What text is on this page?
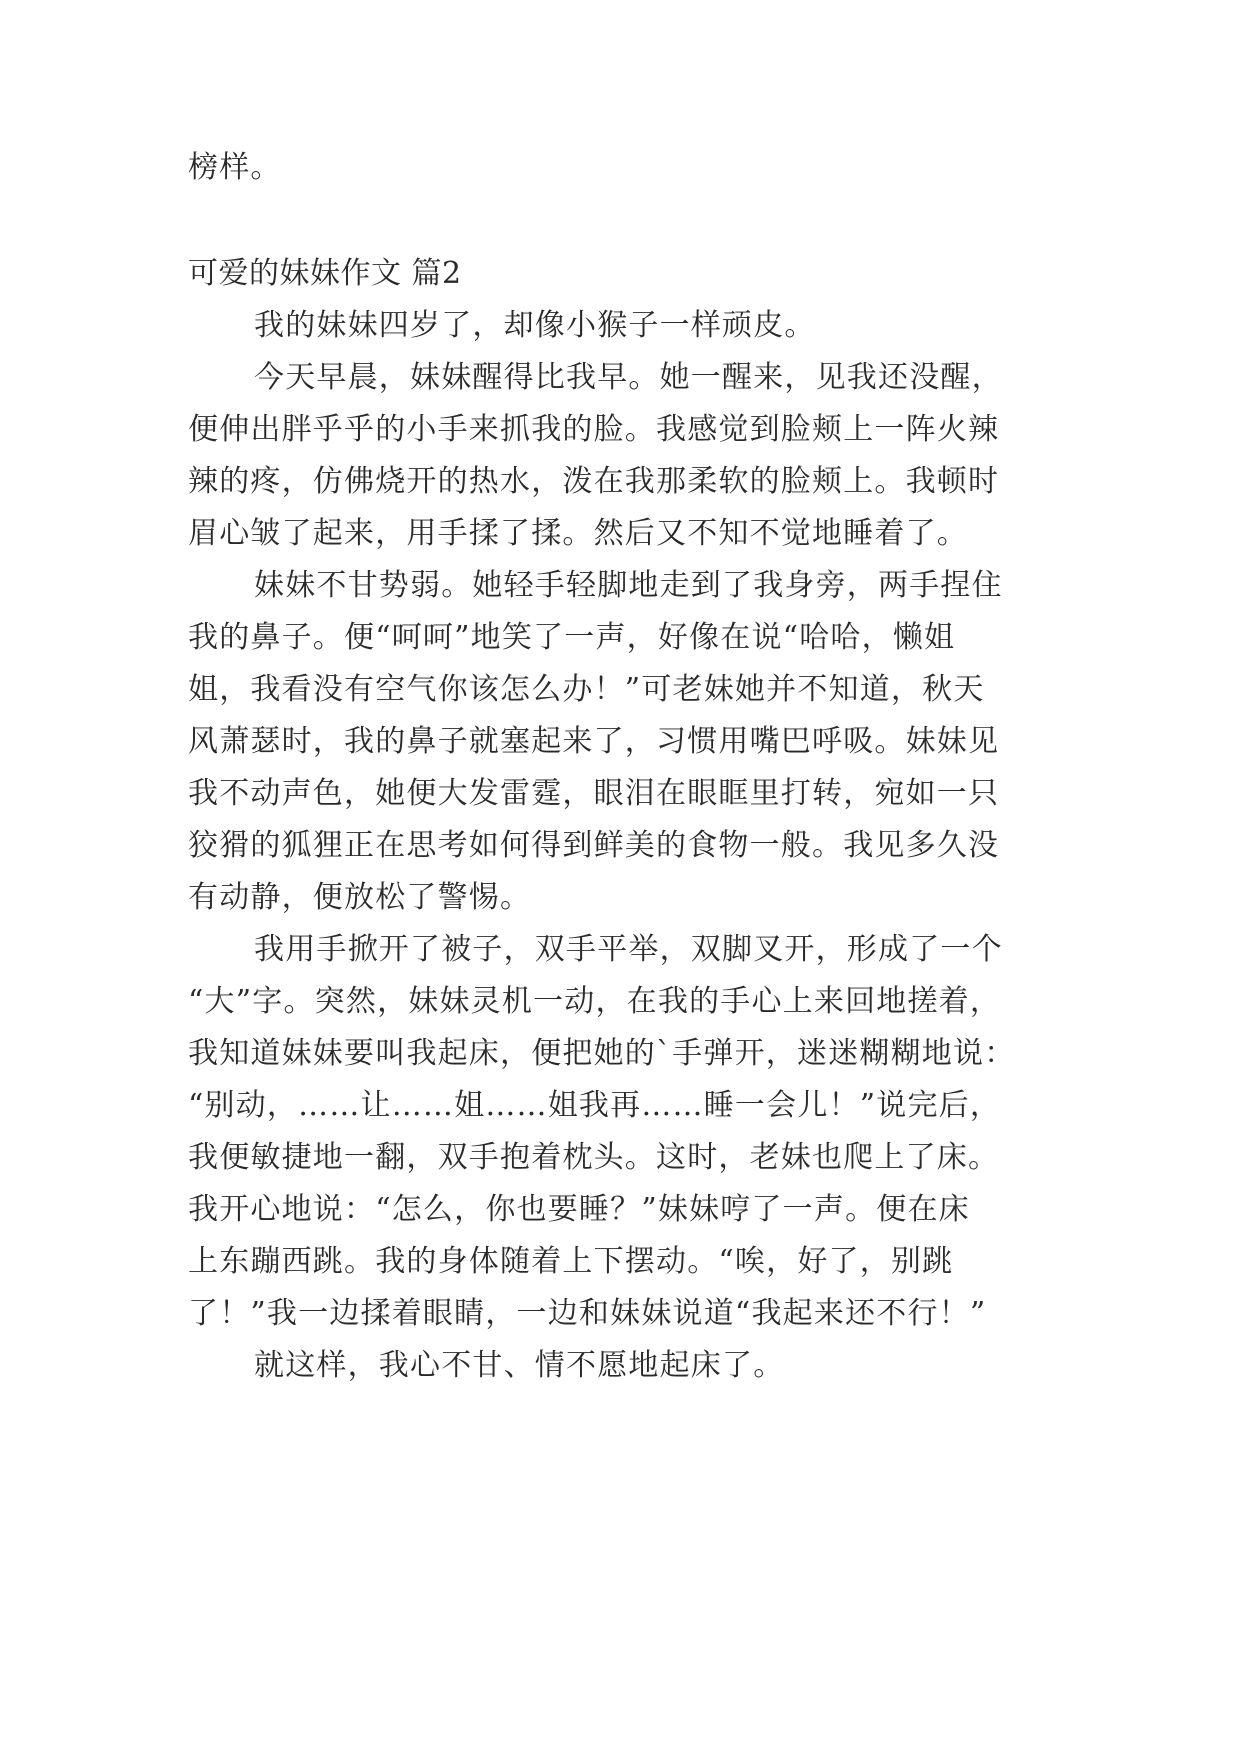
榜样。
可爱的妹妹作文 篇2
我的妹妹四岁了，却像小猴子一样顽皮。
今天早晨，妹妹醒得比我早。她一醒来，见我还没醒，
便伸出胖乎乎的小手来抓我的脸。我感觉到脸颊上一阵火辣
辣的疼，仿佛烧开的热水，泼在我那柔软的脸颊上。我顿时
眉心皱了起来，用手揉了揉。然后又不知不觉地睡着了。
妹妹不甘势弱。她轻手轻脚地走到了我身旁，两手捏住
我的鼻子。便“呵呵”地笑了一声，好像在说“哈哈，懒姐
姐，我看没有空气你该怎么办！”可老妹她并不知道，秋天
风萧瑟时，我的鼻子就塞起来了，习惯用嘴巴呼吸。妹妹见
我不动声色，她便大发雷霆，眼泪在眼眶里打转，宛如一只
狡猾的狐狸正在思考如何得到鲜美的食物一般。我见多久没
有动静，便放松了警惕。
我用手掀开了被子，双手平举，双脚叉开，形成了一个
“大”字。突然，妹妹灵机一动，在我的手心上来回地搓着，
我知道妹妹要叫我起床，便把她的`手弹开，迷迷糊糊地说：
“别动，……让……姐……姐我再……睡一会儿！”说完后，
我便敏捷地一翻，双手抱着枕头。这时，老妹也爬上了床。
我开心地说：“怎么，你也要睡？”妹妹哼了一声。便在床
上东蹦西跳。我的身体随着上下摆动。“唉，好了，别跳
了！”我一边揉着眼睛，一边和妹妹说道“我起来还不行！”
就这样，我心不甘、情不愿地起床了。
